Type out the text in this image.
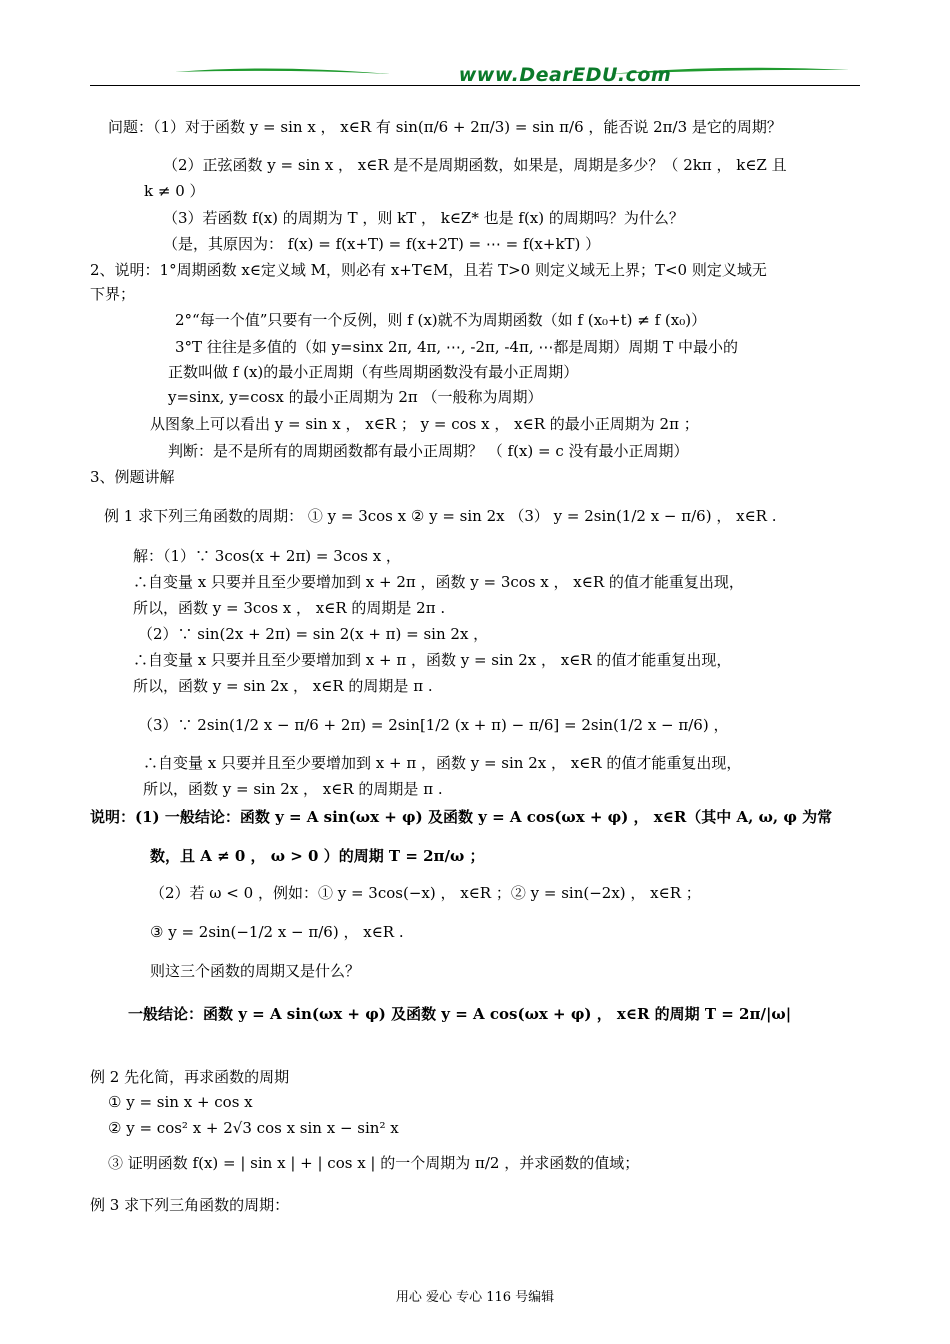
www.DearEDU.com
问题：（1）对于函数 y = sin x ， x∈R 有 sin(π/6 + 2π/3) = sin π/6 ，能否说 2π/3 是它的周期？
（2）正弦函数 y = sin x ， x∈R 是不是周期函数，如果是，周期是多少？（ 2kπ ， k∈Z 且
k ≠ 0 ）
（3）若函数 f(x) 的周期为 T ，则 kT ， k∈Z* 也是 f(x) 的周期吗？为什么？
（是，其原因为： f(x) = f(x+T) = f(x+2T) = ⋯ = f(x+kT) ）
2、说明：1°周期函数 x∈定义域 M，则必有 x+T∈M，且若 T>0 则定义域无上界；T<0 则定义域无
下界；
2°“每一个值”只要有一个反例，则 f (x)就不为周期函数（如 f (x₀+t) ≠ f (x₀)）
3°T 往往是多值的（如 y=sinx 2π, 4π, ⋯, -2π, -4π, ⋯都是周期）周期 T 中最小的
正数叫做 f (x)的最小正周期（有些周期函数没有最小正周期）
y=sinx, y=cosx 的最小正周期为 2π （一般称为周期）
从图象上可以看出 y = sin x ， x∈R ； y = cos x ， x∈R 的最小正周期为 2π ；
判断：是不是所有的周期函数都有最小正周期？ （ f(x) = c 没有最小正周期）
3、例题讲解
例 1 求下列三角函数的周期： ① y = 3cos x ② y = sin 2x （3） y = 2sin(1/2 x − π/6) ， x∈R .
解：（1）∵ 3cos(x + 2π) = 3cos x ，
∴自变量 x 只要并且至少要增加到 x + 2π ，函数 y = 3cos x ， x∈R 的值才能重复出现，
所以，函数 y = 3cos x ， x∈R 的周期是 2π .
（2）∵ sin(2x + 2π) = sin 2(x + π) = sin 2x ，
∴自变量 x 只要并且至少要增加到 x + π ，函数 y = sin 2x ， x∈R 的值才能重复出现，
所以，函数 y = sin 2x ， x∈R 的周期是 π .
（3）∵ 2sin(1/2 x − π/6 + 2π) = 2sin[1/2 (x + π) − π/6] = 2sin(1/2 x − π/6) ，
∴自变量 x 只要并且至少要增加到 x + π ，函数 y = sin 2x ， x∈R 的值才能重复出现，
所以，函数 y = sin 2x ， x∈R 的周期是 π .
说明：(1) 一般结论：函数 y = A sin(ωx + φ) 及函数 y = A cos(ωx + φ) ， x∈R（其中 A, ω, φ 为常
数，且 A ≠ 0 ， ω > 0 ）的周期 T = 2π/ω ；
（2）若 ω < 0 ，例如：① y = 3cos(−x) ， x∈R ；② y = sin(−2x) ， x∈R ；
③ y = 2sin(−1/2 x − π/6) ， x∈R .
则这三个函数的周期又是什么？
一般结论：函数 y = A sin(ωx + φ) 及函数 y = A cos(ωx + φ) ， x∈R 的周期 T = 2π/|ω|
例 2 先化简，再求函数的周期
① y = sin x + cos x
② y = cos² x + 2√3 cos x sin x − sin² x
③ 证明函数 f(x) = | sin x | + | cos x | 的一个周期为 π/2 ，并求函数的值域；
例 3 求下列三角函数的周期：
用心 爱心 专心 116 号编辑
